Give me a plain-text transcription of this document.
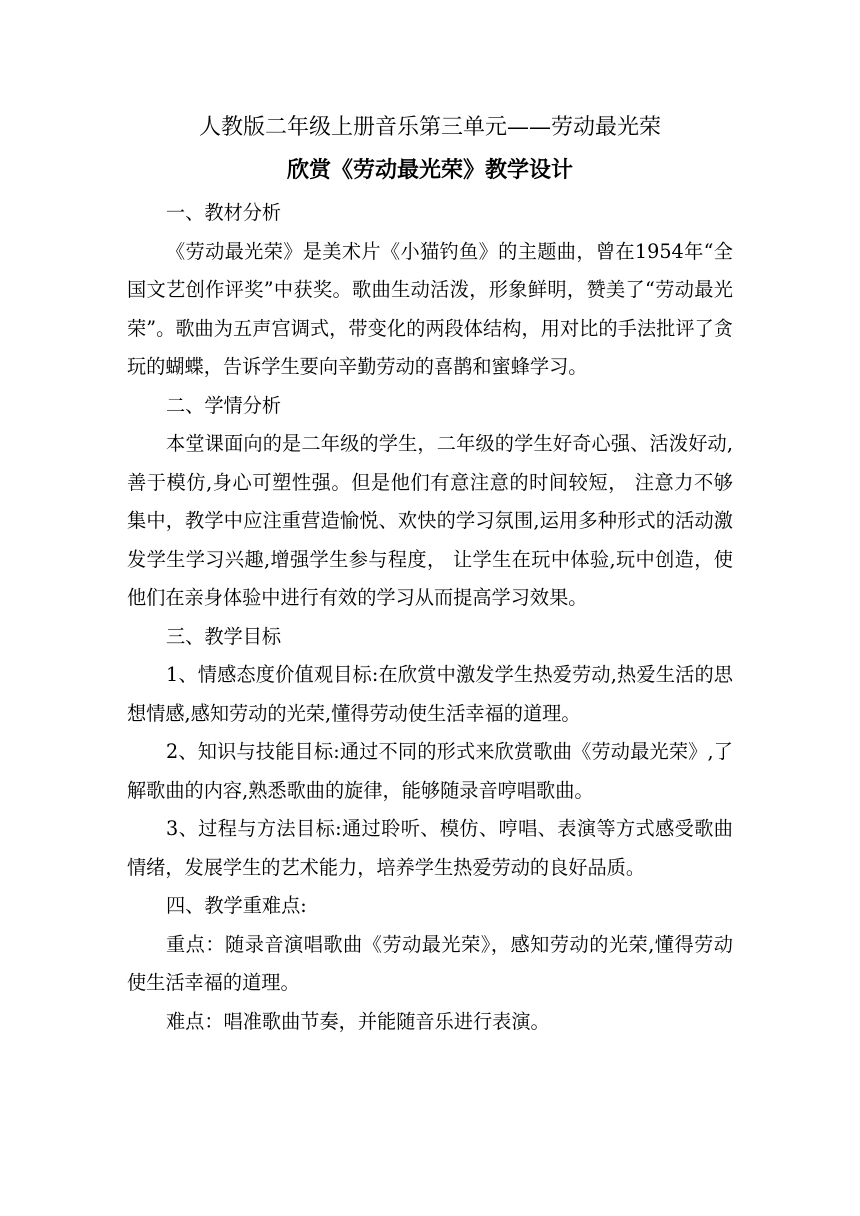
人教版二年级上册音乐第三单元——劳动最光荣
欣赏《劳动最光荣》教学设计

一、教材分析

《劳动最光荣》是美术片《小猫钓鱼》的主题曲，曾在1954年“全国文艺创作评奖”中获奖。歌曲生动活泼，形象鲜明，赞美了“劳动最光荣”。歌曲为五声宫调式，带变化的两段体结构，用对比的手法批评了贪玩的蝴蝶，告诉学生要向辛勤劳动的喜鹊和蜜蜂学习。

二、学情分析

本堂课面向的是二年级的学生，二年级的学生好奇心强、活泼好动,善于模仿,身心可塑性强。但是他们有意注意的时间较短， 注意力不够集中，教学中应注重营造愉悦、欢快的学习氛围,运用多种形式的活动激发学生学习兴趣,增强学生参与程度， 让学生在玩中体验,玩中创造，使他们在亲身体验中进行有效的学习从而提高学习效果。

三、教学目标

1、情感态度价值观目标:在欣赏中激发学生热爱劳动,热爱生活的思想情感,感知劳动的光荣,懂得劳动使生活幸福的道理。

2、知识与技能目标:通过不同的形式来欣赏歌曲《劳动最光荣》,了解歌曲的内容,熟悉歌曲的旋律，能够随录音哼唱歌曲。

3、过程与方法目标:通过聆听、模仿、哼唱、表演等方式感受歌曲情绪，发展学生的艺术能力，培养学生热爱劳动的良好品质。

四、教学重难点:

重点：随录音演唱歌曲《劳动最光荣》，感知劳动的光荣,懂得劳动使生活幸福的道理。

难点：唱准歌曲节奏，并能随音乐进行表演。
